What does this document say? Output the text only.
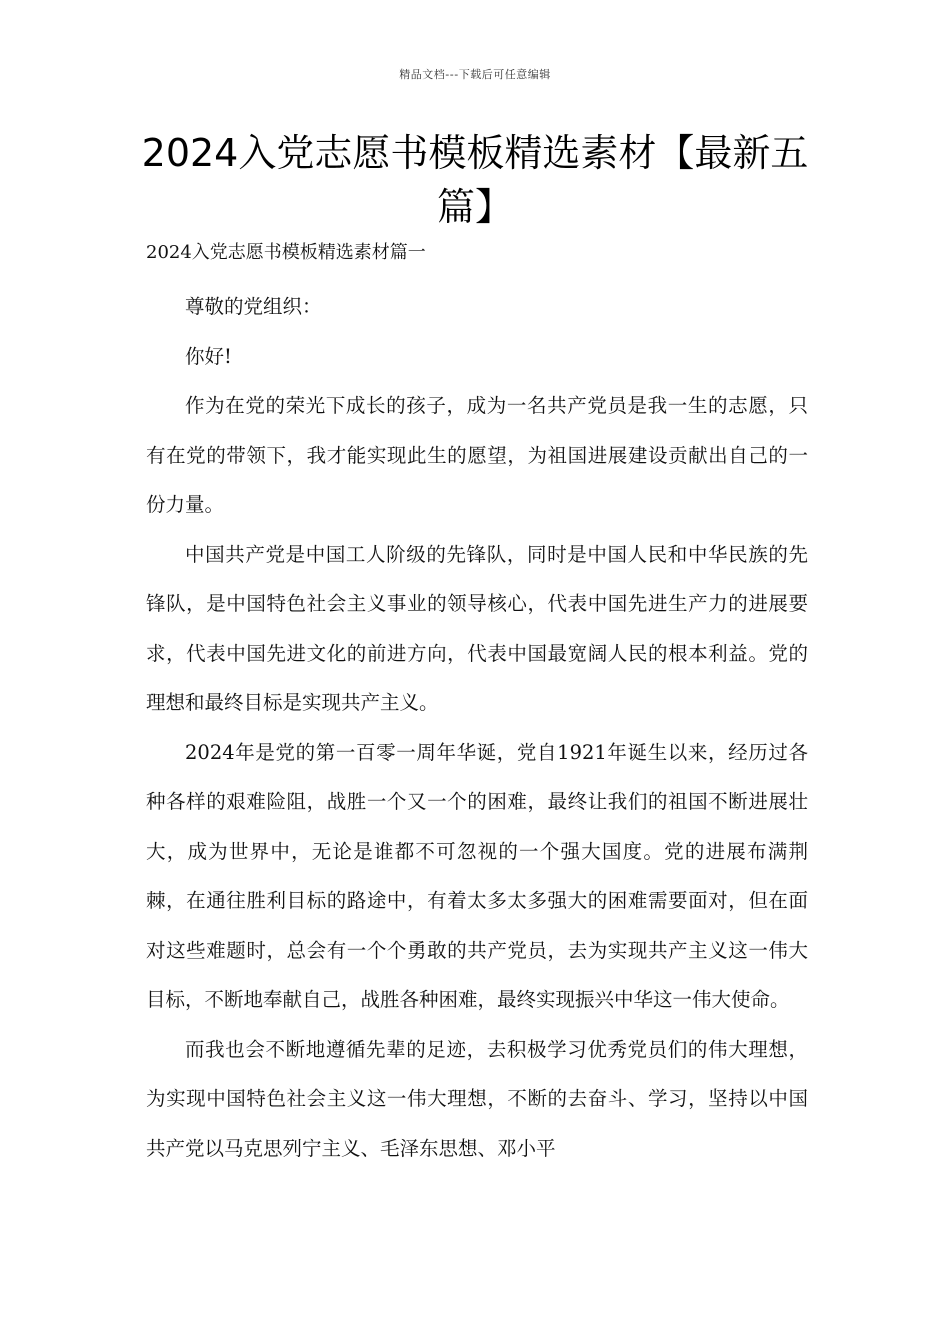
精品文档---下载后可任意编辑
2024入党志愿书模板精选素材【最新五篇】

2024入党志愿书模板精选素材篇一

尊敬的党组织：

你好!

作为在党的荣光下成长的孩子，成为一名共产党员是我一生的志愿，只有在党的带领下，我才能实现此生的愿望，为祖国进展建设贡献出自己的一份力量。

中国共产党是中国工人阶级的先锋队，同时是中国人民和中华民族的先锋队，是中国特色社会主义事业的领导核心，代表中国先进生产力的进展要求，代表中国先进文化的前进方向，代表中国最宽阔人民的根本利益。党的理想和最终目标是实现共产主义。

2024年是党的第一百零一周年华诞，党自1921年诞生以来，经历过各种各样的艰难险阻，战胜一个又一个的困难，最终让我们的祖国不断进展壮大，成为世界中，无论是谁都不可忽视的一个强大国度。党的进展布满荆棘，在通往胜利目标的路途中，有着太多太多强大的困难需要面对，但在面对这些难题时，总会有一个个勇敢的共产党员，去为实现共产主义这一伟大目标，不断地奉献自己，战胜各种困难，最终实现振兴中华这一伟大使命。

而我也会不断地遵循先辈的足迹，去积极学习优秀党员们的伟大理想，为实现中国特色社会主义这一伟大理想，不断的去奋斗、学习，坚持以中国共产党以马克思列宁主义、毛泽东思想、邓小平
